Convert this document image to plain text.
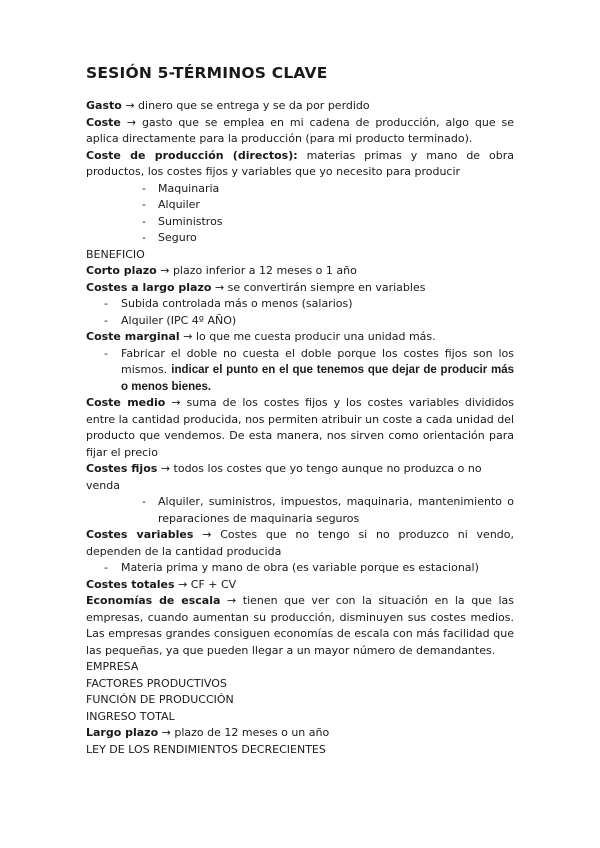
SESIÓN 5-TÉRMINOS CLAVE
Gasto → dinero que se entrega y se da por perdido
Coste → gasto que se emplea en mi cadena de producción, algo que se aplica directamente para la producción (para mi producto terminado).
Coste de producción (directos): materias primas y mano de obra productos, los costes fijos y variables que yo necesito para producir
- Maquinaria
- Alquiler
- Suministros
- Seguro
BENEFICIO
Corto plazo → plazo inferior a 12 meses o 1 año
Costes a largo plazo → se convertirán siempre en variables
- Subida controlada más o menos (salarios)
- Alquiler (IPC 4º AÑO)
Coste marginal → lo que me cuesta producir una unidad más.
- Fabricar el doble no cuesta el doble porque los costes fijos son los mismos. indicar el punto en el que tenemos que dejar de producir más o menos bienes.
Coste medio → suma de los costes fijos y los costes variables divididos entre la cantidad producida, nos permiten atribuir un coste a cada unidad del producto que vendemos. De esta manera, nos sirven como orientación para fijar el precio
Costes fijos → todos los costes que yo tengo aunque no produzca o no venda
- Alquiler, suministros, impuestos, maquinaria, mantenimiento o reparaciones de maquinaria seguros
Costes variables → Costes que no tengo si no produzco ni vendo, dependen de la cantidad producida
- Materia prima y mano de obra (es variable porque es estacional)
Costes totales → CF + CV
Economías de escala → tienen que ver con la situación en la que las empresas, cuando aumentan su producción, disminuyen sus costes medios. Las empresas grandes consiguen economías de escala con más facilidad que las pequeñas, ya que pueden llegar a un mayor número de demandantes.
EMPRESA
FACTORES PRODUCTIVOS
FUNCIÓN DE PRODUCCIÓN
INGRESO TOTAL
Largo plazo → plazo de 12 meses o un año
LEY DE LOS RENDIMIENTOS DECRECIENTES
